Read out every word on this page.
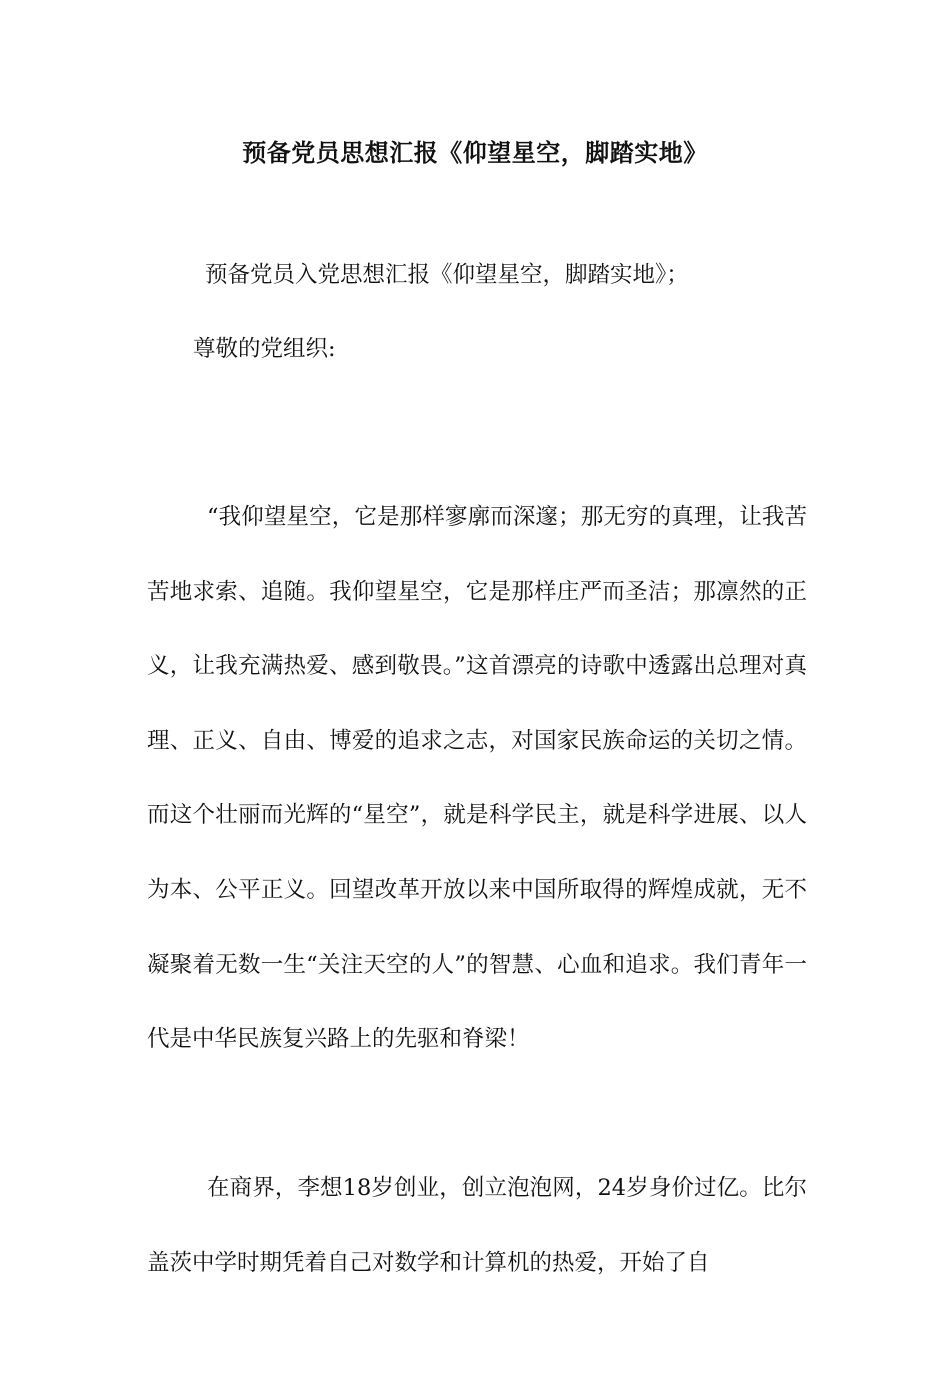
预备党员思想汇报《仰望星空，脚踏实地》
预备党员入党思想汇报《仰望星空，脚踏实地》；
尊敬的党组织:

“我仰望星空，它是那样寥廓而深邃；那无穷的真理，让我苦苦地求索、追随。我仰望星空，它是那样庄严而圣洁；那凛然的正义，让我充满热爱、感到敬畏。”这首漂亮的诗歌中透露出总理对真理、正义、自由、博爱的追求之志，对国家民族命运的关切之情。而这个壮丽而光辉的“星空”，就是科学民主，就是科学进展、以人为本、公平正义。回望改革开放以来中国所取得的辉煌成就，无不凝聚着无数一生“关注天空的人”的智慧、心血和追求。我们青年一代是中华民族复兴路上的先驱和脊梁！

在商界，李想18岁创业，创立泡泡网，24岁身价过亿。比尔 盖茨中学时期凭着自己对数学和计算机的热爱，开始了自
